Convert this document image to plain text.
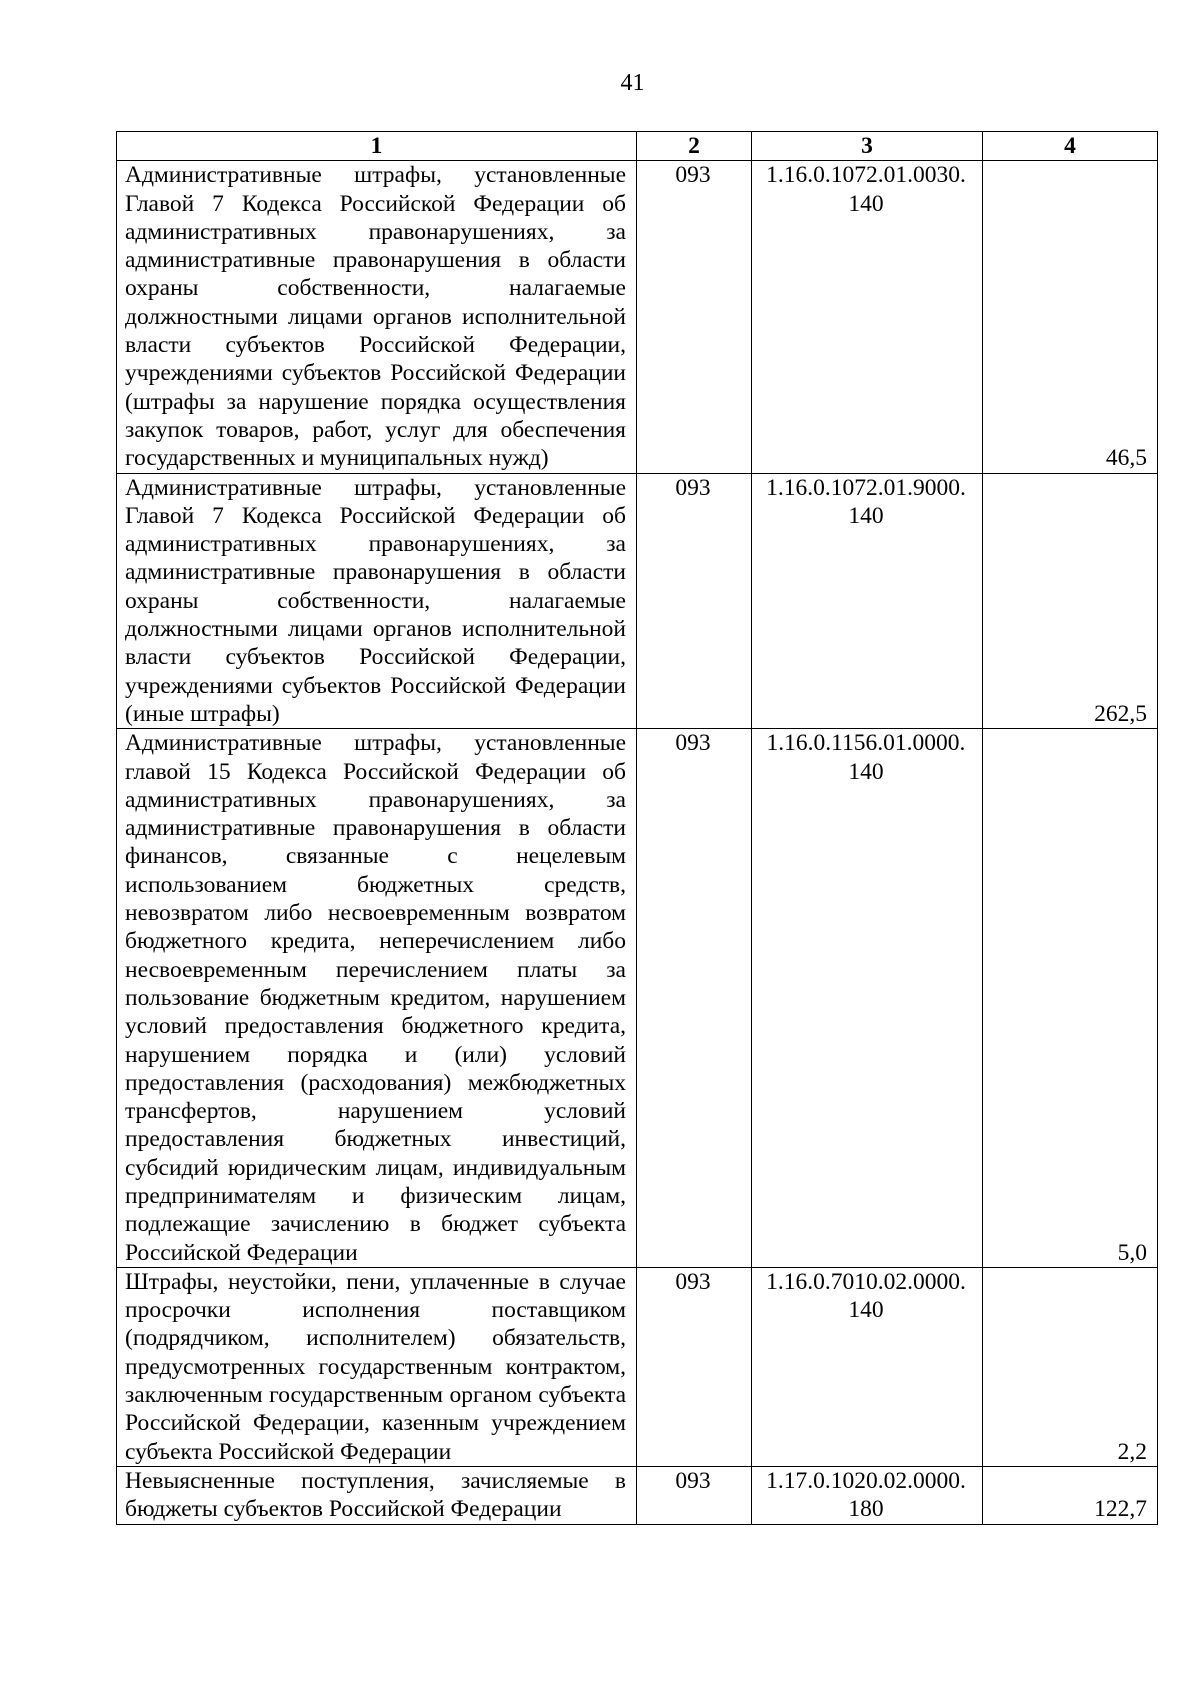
41
1	2	3	4
Административные штрафы, установленные Главой 7 Кодекса Российской Федерации об административных правонарушениях, за административные правонарушения в области охраны собственности, налагаемые должностными лицами органов исполнительной власти субъектов Российской Федерации, учреждениями субъектов Российской Федерации (штрафы за нарушение порядка осуществления закупок товаров, работ, услуг для обеспечения государственных и муниципальных нужд)	093	1.16.0.1072.01.0030. 140	46,5
Административные штрафы, установленные Главой 7 Кодекса Российской Федерации об административных правонарушениях, за административные правонарушения в области охраны собственности, налагаемые должностными лицами органов исполнительной власти субъектов Российской Федерации, учреждениями субъектов Российской Федерации (иные штрафы)	093	1.16.0.1072.01.9000. 140	262,5
Административные штрафы, установленные главой 15 Кодекса Российской Федерации об административных правонарушениях, за административные правонарушения в области финансов, связанные с нецелевым использованием бюджетных средств, невозвратом либо несвоевременным возвратом бюджетного кредита, неперечислением либо несвоевременным перечислением платы за пользование бюджетным кредитом, нарушением условий предоставления бюджетного кредита, нарушением порядка и (или) условий предоставления (расходования) межбюджетных трансфертов, нарушением условий предоставления бюджетных инвестиций, субсидий юридическим лицам, индивидуальным предпринимателям и физическим лицам, подлежащие зачислению в бюджет субъекта Российской Федерации	093	1.16.0.1156.01.0000. 140	5,0
Штрафы, неустойки, пени, уплаченные в случае просрочки исполнения поставщиком (подрядчиком, исполнителем) обязательств, предусмотренных государственным контрактом, заключенным государственным органом субъекта Российской Федерации, казенным учреждением субъекта Российской Федерации	093	1.16.0.7010.02.0000. 140	2,2
Невыясненные поступления, зачисляемые в бюджеты субъектов Российской Федерации	093	1.17.0.1020.02.0000. 180	122,7
